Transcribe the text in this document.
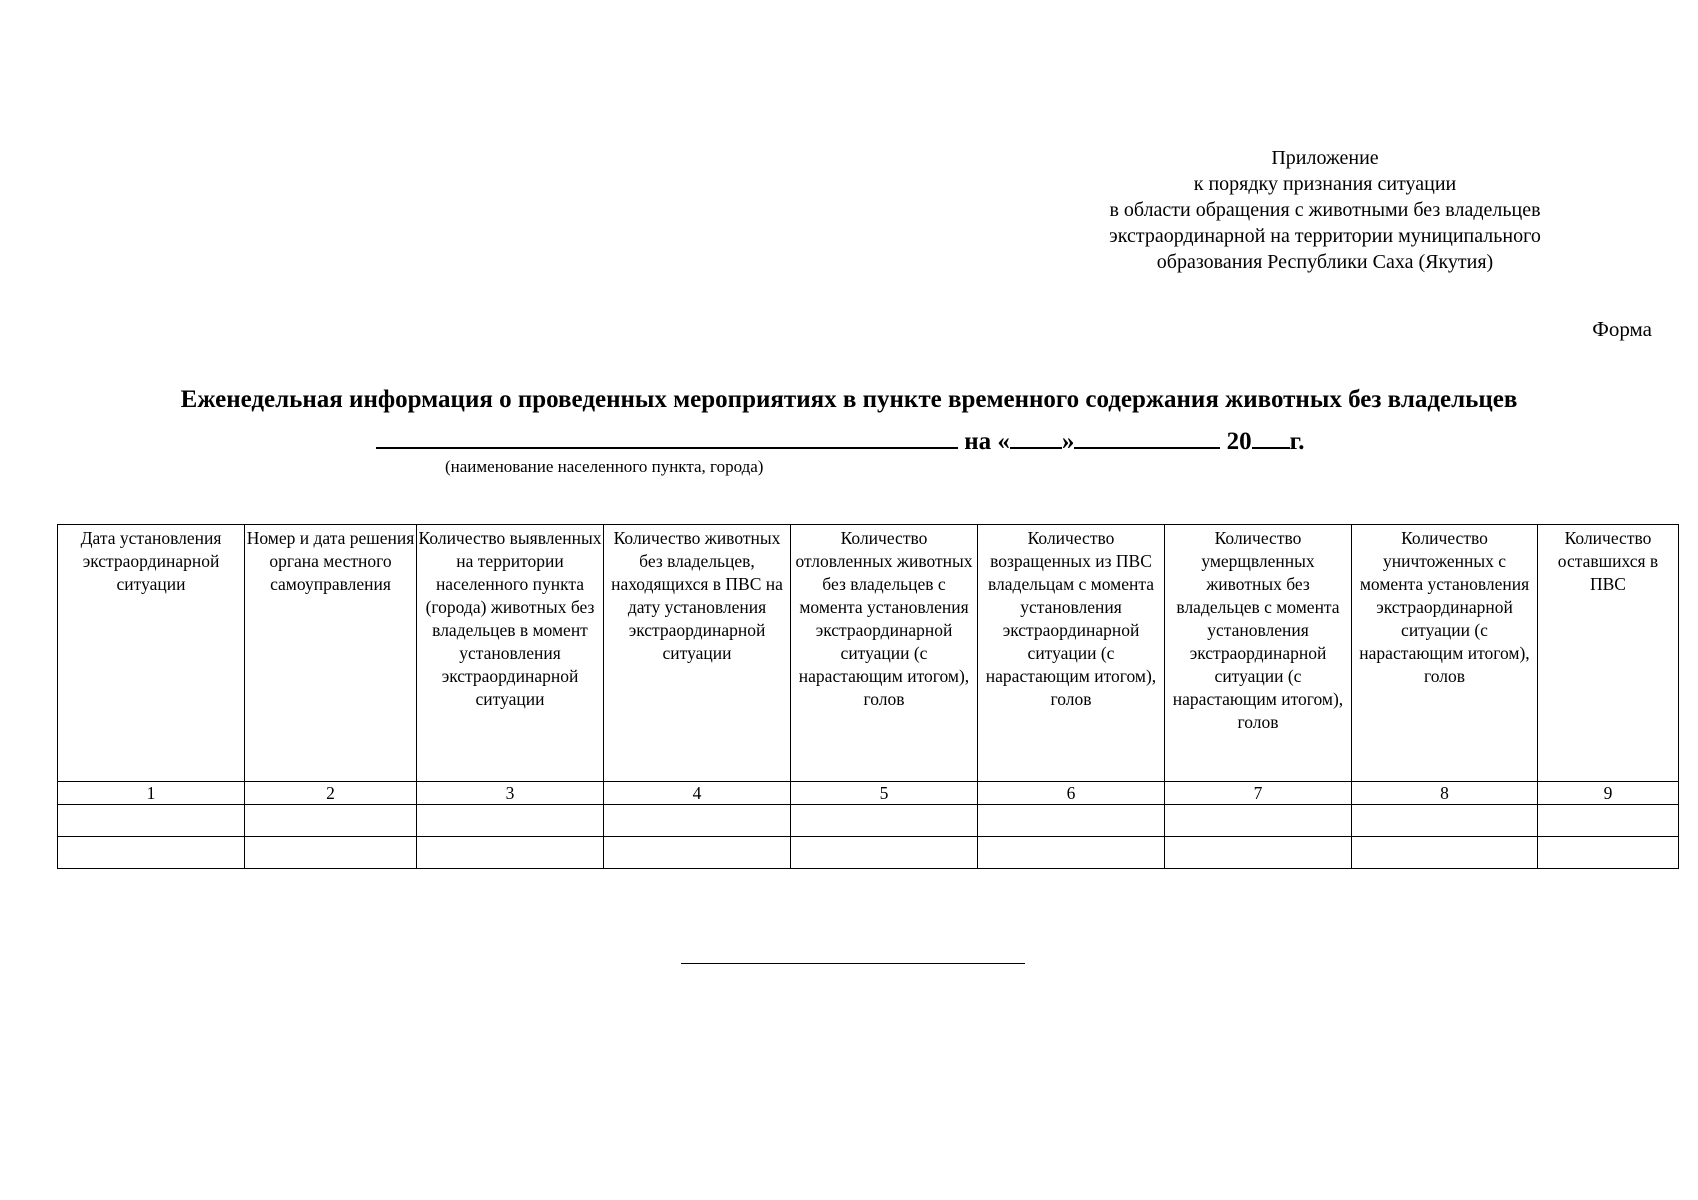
Приложение
к порядку признания ситуации
в области обращения с животными без владельцев
экстраординарной на территории муниципального
образования Республики Саха (Якутия)
Форма
Еженедельная информация о проведенных мероприятиях в пункте временного содержания животных без владельцев
на « »	20 г.
(наименование населенного пункта, города)
Дата установления экстраординарной ситуации	Номер и дата решения органа местного самоуправления	Количество выявленных на территории населенного пункта (города) животных без владельцев в момент установления экстраординарной ситуации	Количество животных без владельцев, находящихся в ПВС на дату установления экстраординарной ситуации	Количество отловленных животных без владельцев с момента установления экстраординарной ситуации (с нарастающим итогом), голов	Количество возращенных из ПВС владельцам с момента установления экстраординарной ситуации (с нарастающим итогом), голов	Количество умерщвленных животных без владельцев с момента установления экстраординарной ситуации (с нарастающим итогом), голов	Количество уничтоженных с момента установления экстраординарной ситуации (с нарастающим итогом), голов	Количество оставшихся в ПВС
1	2	3	4	5	6	7	8	9
